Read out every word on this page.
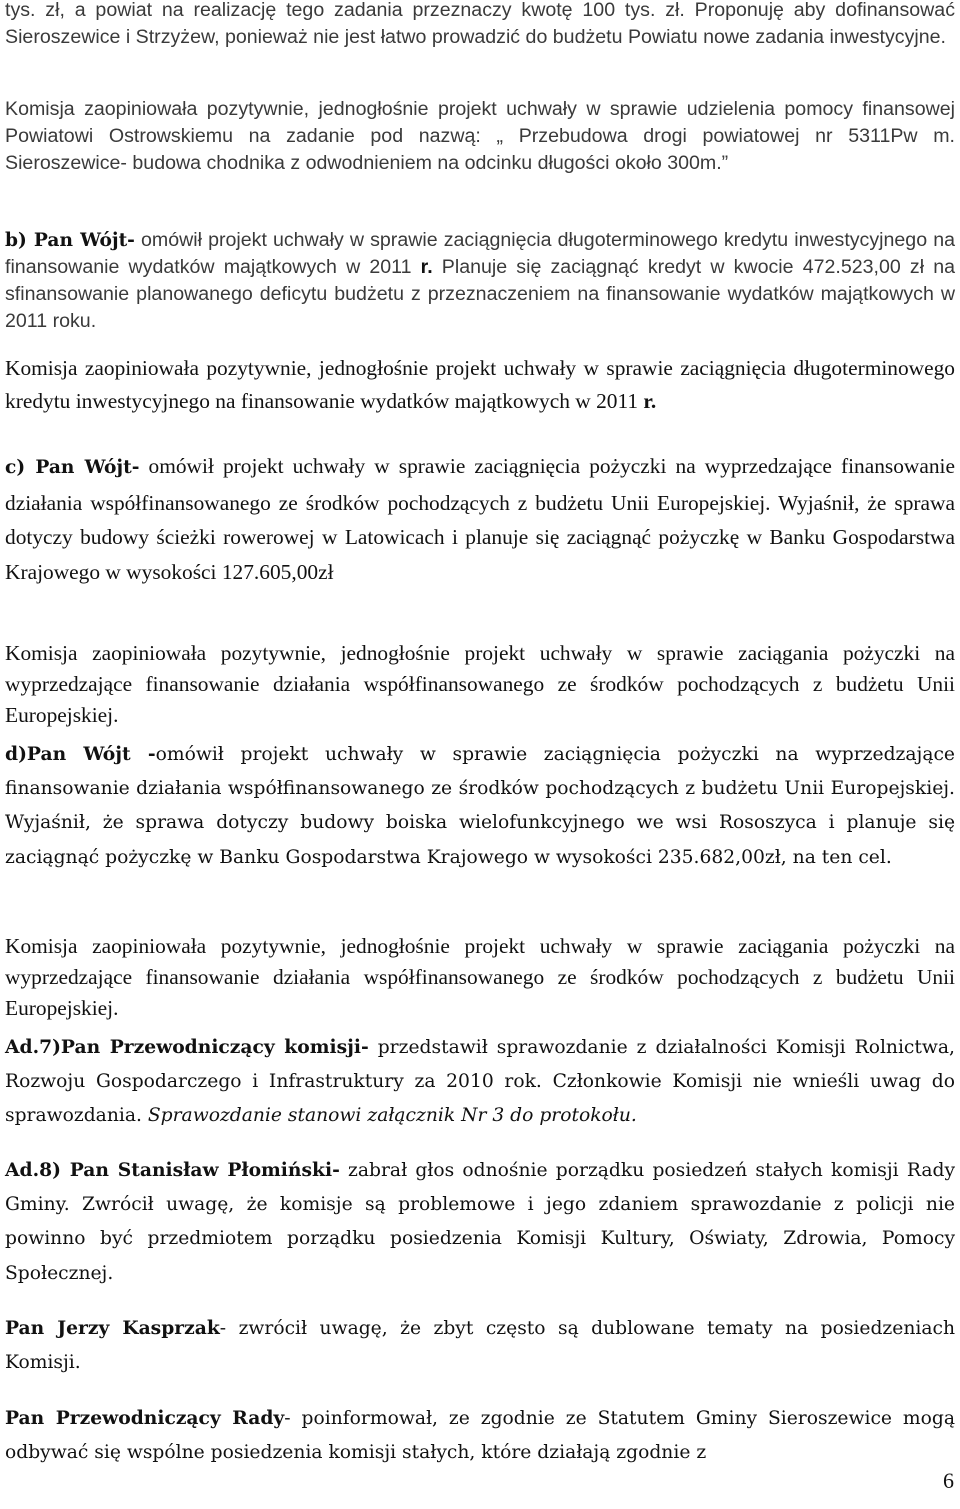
tys. zł, a powiat na realizację tego zadania przeznaczy kwotę 100 tys. zł. Proponuję aby dofinansować Sieroszewice i Strzyżew, ponieważ nie jest łatwo prowadzić do budżetu Powiatu nowe zadania inwestycyjne.

Komisja zaopiniowała pozytywnie, jednogłośnie projekt uchwały w sprawie udzielenia pomocy finansowej Powiatowi Ostrowskiemu na zadanie pod nazwą: „ Przebudowa drogi powiatowej nr 5311Pw m. Sieroszewice- budowa chodnika z odwodnieniem na odcinku długości około 300m.”

b) Pan Wójt- omówił projekt uchwały w sprawie zaciągnięcia długoterminowego kredytu inwestycyjnego na finansowanie wydatków majątkowych w 2011 r. Planuje się zaciągnąć kredyt w kwocie 472.523,00 zł na sfinansowanie planowanego deficytu budżetu z przeznaczeniem na finansowanie wydatków majątkowych w 2011 roku.

Komisja zaopiniowała pozytywnie, jednogłośnie projekt uchwały w sprawie zaciągnięcia długoterminowego kredytu inwestycyjnego na finansowanie wydatków majątkowych w 2011 r.

c) Pan Wójt- omówił projekt uchwały w sprawie zaciągnięcia pożyczki na wyprzedzające finansowanie działania współfinansowanego ze środków pochodzących z budżetu Unii Europejskiej. Wyjaśnił, że sprawa dotyczy budowy ścieżki rowerowej w Latowicach i planuje się zaciągnąć pożyczkę w Banku Gospodarstwa Krajowego w wysokości 127.605,00zł

Komisja zaopiniowała pozytywnie, jednogłośnie projekt uchwały w sprawie zaciągania pożyczki na wyprzedzające finansowanie działania współfinansowanego ze środków pochodzących z budżetu Unii Europejskiej.

d)Pan Wójt -omówił projekt uchwały w sprawie zaciągnięcia pożyczki na wyprzedzające finansowanie działania współfinansowanego ze środków pochodzących z budżetu Unii Europejskiej. Wyjaśnił, że sprawa dotyczy budowy boiska wielofunkcyjnego we wsi Rososzyca i planuje się zaciągnąć pożyczkę w Banku Gospodarstwa Krajowego w wysokości 235.682,00zł, na ten cel.

Komisja zaopiniowała pozytywnie, jednogłośnie projekt uchwały w sprawie zaciągania pożyczki na wyprzedzające finansowanie działania współfinansowanego ze środków pochodzących z budżetu Unii Europejskiej.

Ad.7)Pan Przewodniczący komisji- przedstawił sprawozdanie z działalności Komisji Rolnictwa, Rozwoju Gospodarczego i Infrastruktury za 2010 rok. Członkowie Komisji nie wnieśli uwag do sprawozdania. Sprawozdanie stanowi załącznik Nr 3 do protokołu.

Ad.8) Pan Stanisław Płomiński- zabrał głos odnośnie porządku posiedzeń stałych komisji Rady Gminy. Zwrócił uwagę, że komisje są problemowe i jego zdaniem sprawozdanie z policji nie powinno być przedmiotem porządku posiedzenia Komisji Kultury, Oświaty, Zdrowia, Pomocy Społecznej.

Pan Jerzy Kasprzak- zwrócił uwagę, że zbyt często są dublowane tematy na posiedzeniach Komisji.

Pan Przewodniczący Rady- poinformował, ze zgodnie ze Statutem Gminy Sieroszewice mogą odbywać się wspólne posiedzenia komisji stałych, które działają zgodnie z

6
